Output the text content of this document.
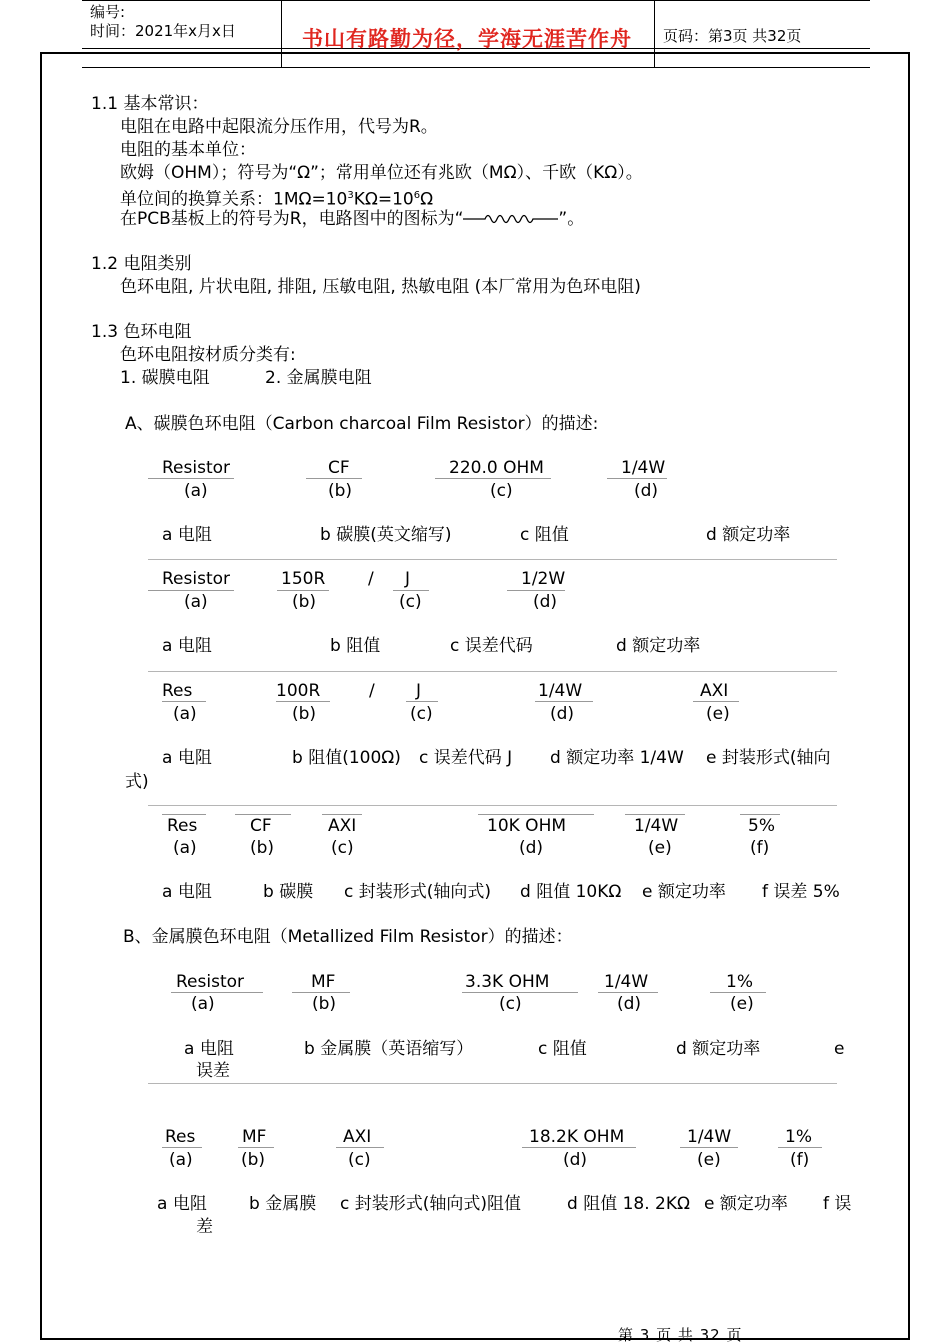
编号:
时间：2021年x月x日	书山有路勤为径，学海无涯苦作舟 页码：第3页 共32页
1.1 基本常识：
电阻在电路中起限流分压作用，代号为R。
电阻的基本单位：
欧姆（OHM）；符号为“Ω”；常用单位还有兆欧（MΩ）、千欧（KΩ）。
单位间的换算关系：$1M\Omega=10^3K\Omega=10^6\Omega$
在PCB基板上的符号为R，电路图中的图标为“	”。
1.2 电阻类别
色环电阻, 片状电阻, 排阻, 压敏电阻, 热敏电阻 (本厂常用为色环电阻)
1.3 色环电阻
色环电阻按材质分类有:
1. 碳膜电阻	2. 金属膜电阻
A、碳膜色环电阻（Carbon charcoal Film Resistor）的描述:
Resistor	CF	220.0 OHM	1/4W
(a)	(b)	(c)	(d)
a 电阻	b 碳膜(英文缩写)	c 阻值	d 额定功率
Resistor	150R	/ J	1/2W
(a)	(b)	(c)	(d)
a 电阻	b 阻值	c 误差代码	d 额定功率
Res	100R	/ J	1/4W	AXI
(a)	(b)	(c)	(d)	(e)
a 电阻	b 阻值(100Ω) c 误差代码 J d 额定功率 1/4W e 封装形式(轴向
式)
Res	CF	AXI	10K OHM	1/4W	5%
(a)	(b)	(c)	(d)	(e)	(f)
a 电阻	b 碳膜 c 封装形式(轴向式) d 阻值 10KΩ e 额定功率 f 误差 5%
B、金属膜色环电阻（Metallized Film Resistor）的描述：
Resistor	MF	3.3K OHM	1/4W	1%
(a)	(b)	(c)	(d)	(e)
a 电阻	b 金属膜（英语缩写）	c 阻值	d 额定功率	e
误差
Res	MF	AXI	18.2K OHM	1/4W	1%
(a)	(b)	(c)	(d)	(e)	(f)
a 电阻 b 金属膜 c 封装形式(轴向式)阻值	d 阻值 18. 2KΩ e 额定功率 f 误
差
第 3 页 共 32 页
